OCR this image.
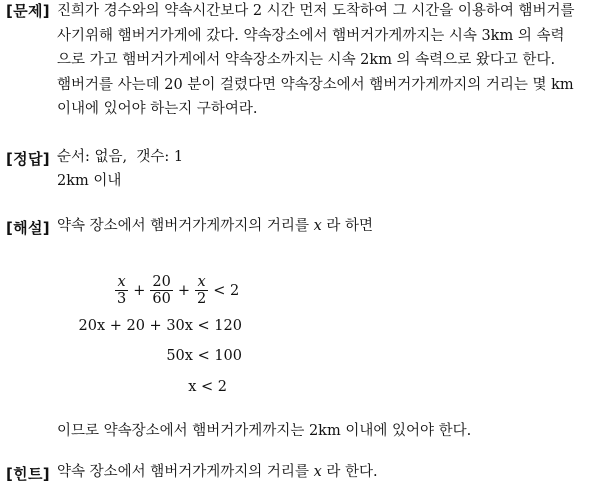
[문제] 진희가 경수와의 약속시간보다 2 시간 먼저 도착하여 그 시간을 이용하여 햄버거를
사기위해 햄버거가게에 갔다. 약속장소에서 햄버거가게까지는 시속 3km 의 속력
으로 가고 햄버거가게에서 약속장소까지는 시속 2km 의 속력으로 왔다고 한다.
햄버거를 사는데 20 분이 걸렸다면 약속장소에서 햄버거가게까지의 거리는 몇 km
이내에 있어야 하는지 구하여라.
[정답] 순서: 없음,  갯수: 1
2km 이내
[해설] 약속 장소에서 햄버거가게까지의 거리를 x 라 하면
$\frac{x}{3} + \frac{20}{60} + \frac{x}{2} < 2$
20x + 20 + 30x < 120
50x < 100
x < 2
이므로 약속장소에서 햄버거가게까지는 2km 이내에 있어야 한다.
[힌트] 약속 장소에서 햄버거가게까지의 거리를 x 라 한다.
